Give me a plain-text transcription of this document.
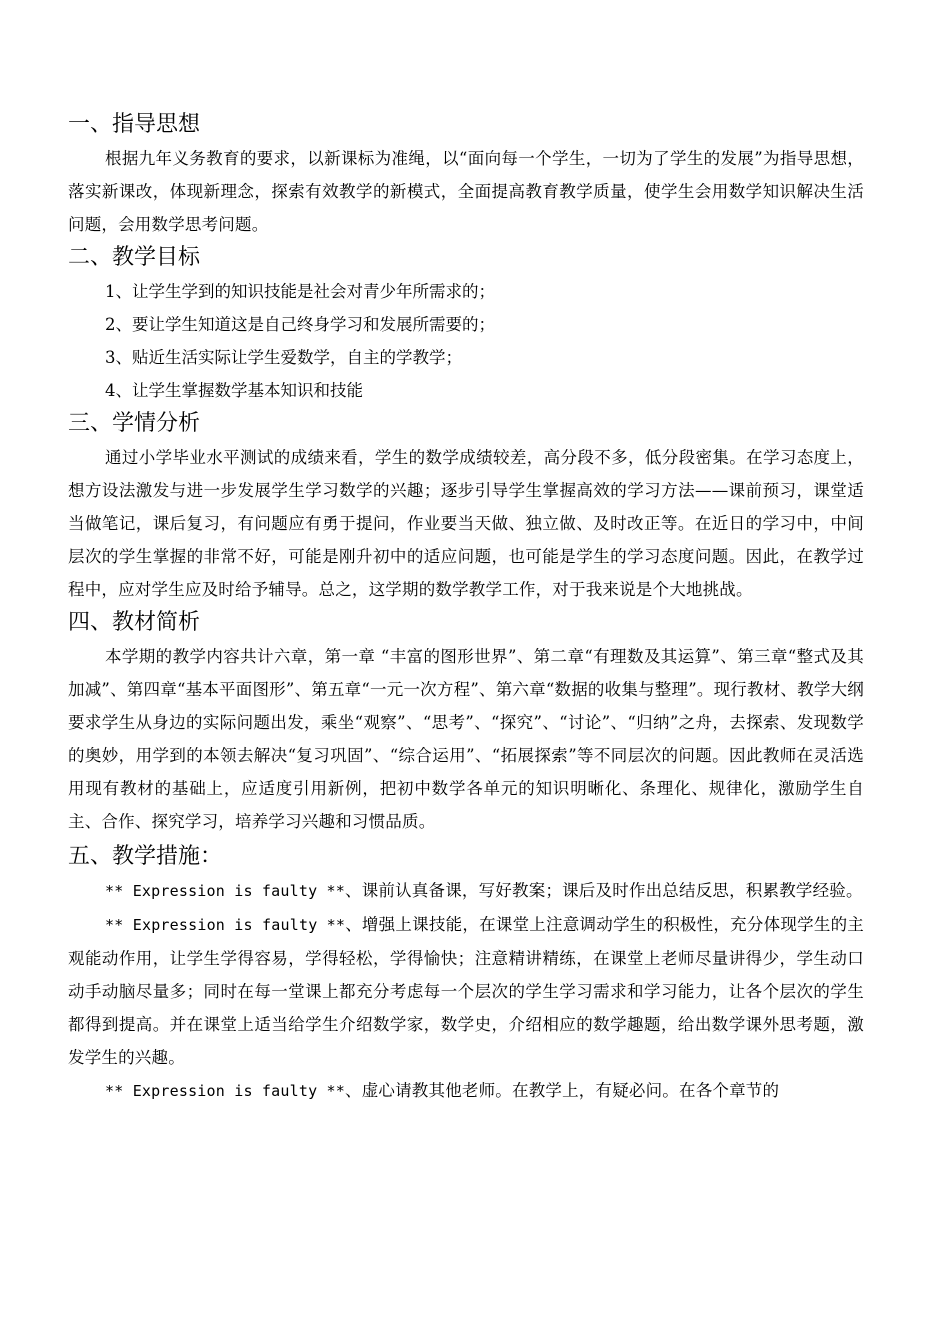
一、指导思想

根据九年义务教育的要求，以新课标为准绳，以“面向每一个学生，一切为了学生的发展”为指导思想，落实新课改，体现新理念，探索有效教学的新模式，全面提高教育教学质量，使学生会用数学知识解决生活问题，会用数学思考问题。

二、教学目标

1、让学生学到的知识技能是社会对青少年所需求的；

2、要让学生知道这是自己终身学习和发展所需要的；

3、贴近生活实际让学生爱数学，自主的学教学；

4、让学生掌握数学基本知识和技能

三、学情分析

通过小学毕业水平测试的成绩来看，学生的数学成绩较差，高分段不多，低分段密集。在学习态度上，想方设法激发与进一步发展学生学习数学的兴趣；逐步引导学生掌握高效的学习方法——课前预习，课堂适当做笔记，课后复习，有问题应有勇于提问，作业要当天做、独立做、及时改正等。在近日的学习中，中间层次的学生掌握的非常不好，可能是刚升初中的适应问题，也可能是学生的学习态度问题。因此，在教学过程中，应对学生应及时给予辅导。总之，这学期的数学教学工作，对于我来说是个大地挑战。

四、教材简析

本学期的教学内容共计六章，第一章 “丰富的图形世界”、第二章“有理数及其运算”、第三章“整式及其加减”、第四章“基本平面图形”、第五章“一元一次方程”、第六章“数据的收集与整理”。现行教材、教学大纲要求学生从身边的实际问题出发，乘坐“观察”、“思考”、“探究”、“讨论”、“归纳”之舟，去探索、发现数学的奥妙，用学到的本领去解决“复习巩固”、“综合运用”、“拓展探索”等不同层次的问题。因此教师在灵活选用现有教材的基础上，应适度引用新例，把初中数学各单元的知识明晰化、条理化、规律化，激励学生自主、合作、探究学习，培养学习兴趣和习惯品质。

五、教学措施：

** Expression is faulty **、课前认真备课，写好教案；课后及时作出总结反思，积累教学经验。

** Expression is faulty **、增强上课技能，在课堂上注意调动学生的积极性，充分体现学生的主观能动作用，让学生学得容易，学得轻松，学得愉快；注意精讲精练，在课堂上老师尽量讲得少，学生动口动手动脑尽量多；同时在每一堂课上都充分考虑每一个层次的学生学习需求和学习能力，让各个层次的学生都得到提高。并在课堂上适当给学生介绍数学家，数学史，介绍相应的数学趣题，给出数学课外思考题，激发学生的兴趣。

** Expression is faulty **、虚心请教其他老师。在教学上，有疑必问。在各个章节的
